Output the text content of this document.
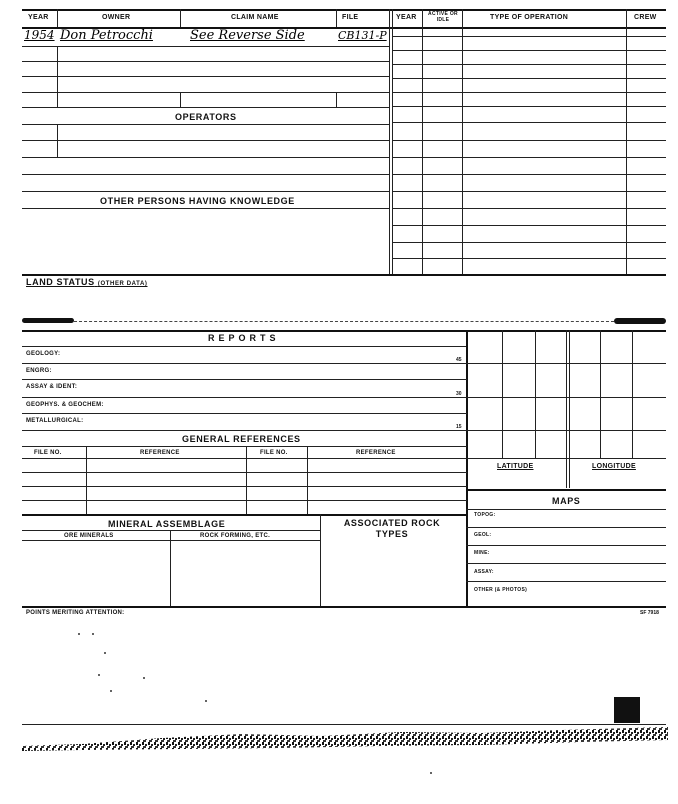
YEAR	OWNER	CLAIM NAME	FILE	YEAR	ACTIVE OR IDLE	TYPE OF OPERATION	CREW
1954 Don Petrocchi	See Reverse Side	CB131-P
OPERATORS
OTHER PERSONS HAVING KNOWLEDGE
LAND STATUS (OTHER DATA)
REPORTS
GEOLOGY:
45
ENGRG:
ASSAY & IDENT:
30
GEOPHYS. & GEOCHEM:
METALLURGICAL:
15
GENERAL REFERENCES
FILE NO.	REFERENCE	FILE NO.	REFERENCE
MINERAL ASSEMBLAGE	ASSOCIATED ROCK TYPES
ORE MINERALS	ROCK FORMING, ETC.
LATITUDE	LONGITUDE
MAPS
TOPOG:
GEOL:
MINE:
ASSAY:
OTHER (& PHOTOS)
POINTS MERITING ATTENTION:	SF 7918
